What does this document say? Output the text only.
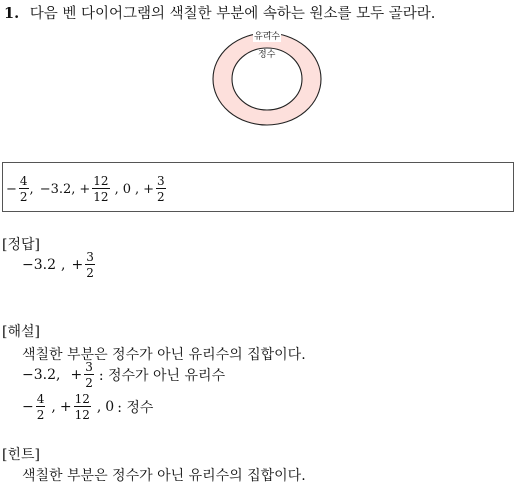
1. 다음 벤 다이어그램의 색칠한 부분에 속하는 원소를 모두 골라라.
유리수
정수
− $\frac{4}{2}$ , −3.2, + $\frac{12}{12}$ , 0 , + $\frac{3}{2}$
[정답]
−3.2 , + $\frac{3}{2}$
[해설]
색칠한 부분은 정수가 아닌 유리수의 집합이다.
−3.2, + $\frac{3}{2}$ : 정수가 아닌 유리수
− $\frac{4}{2}$ , + $\frac{12}{12}$ , 0 : 정수
[힌트]
색칠한 부분은 정수가 아닌 유리수의 집합이다.
